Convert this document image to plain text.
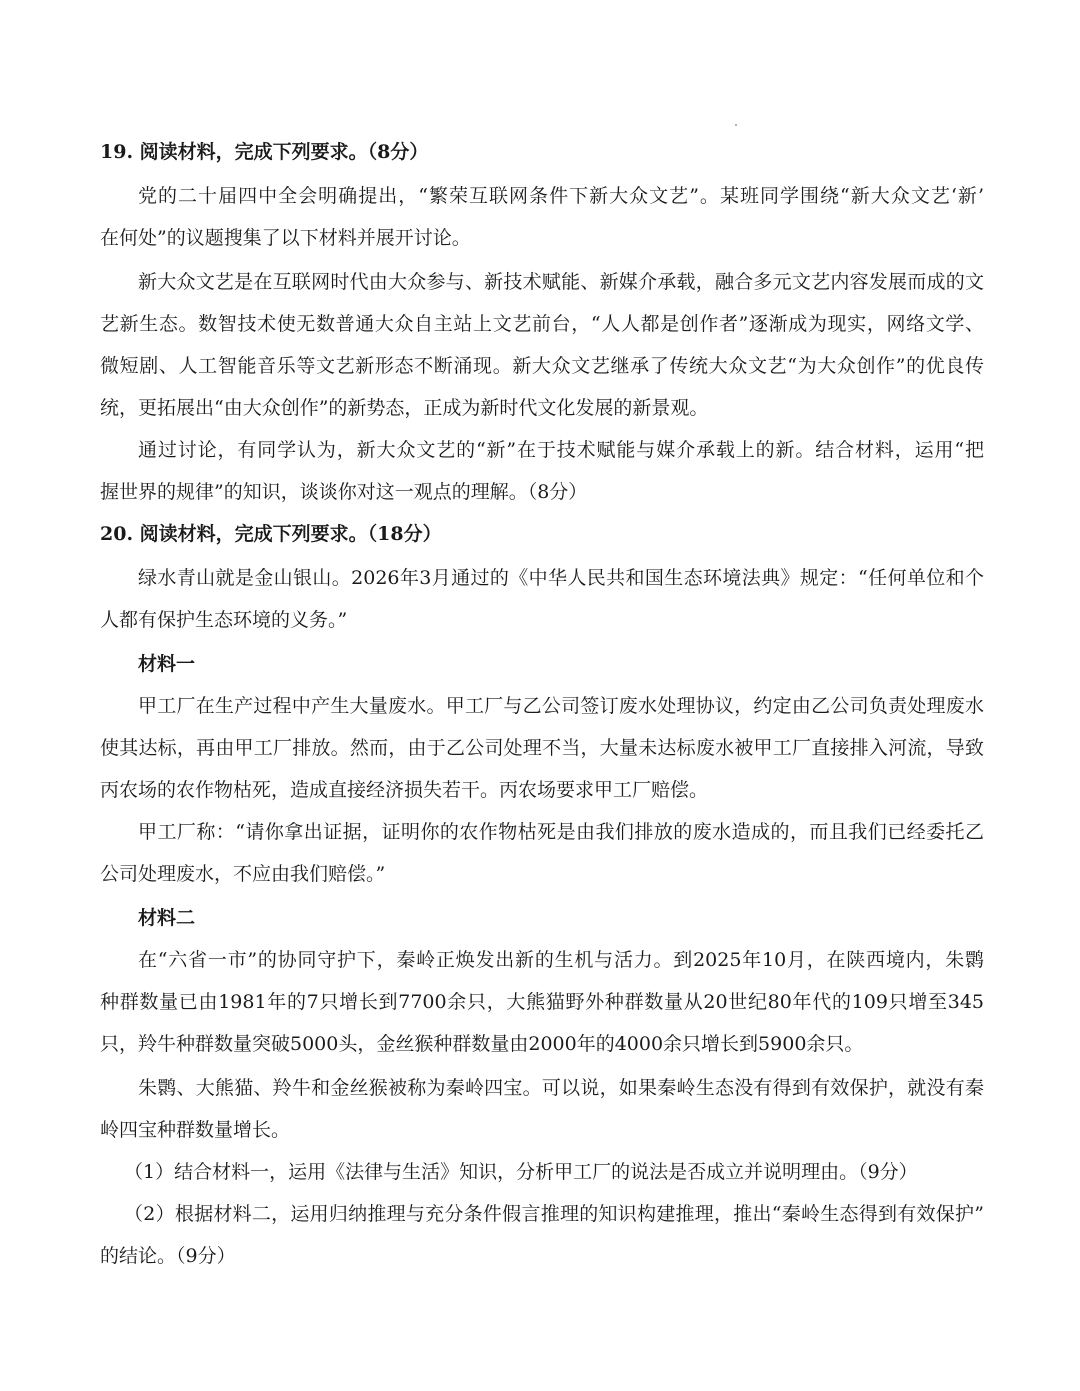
19. 阅读材料，完成下列要求。（8分）
党的二十届四中全会明确提出，“繁荣互联网条件下新大众文艺”。某班同学围绕“新大众文艺‘新’
在何处”的议题搜集了以下材料并展开讨论。
新大众文艺是在互联网时代由大众参与、新技术赋能、新媒介承载，融合多元文艺内容发展而成的文
艺新生态。数智技术使无数普通大众自主站上文艺前台，“人人都是创作者”逐渐成为现实，网络文学、
微短剧、人工智能音乐等文艺新形态不断涌现。新大众文艺继承了传统大众文艺“为大众创作”的优良传
统，更拓展出“由大众创作”的新势态，正成为新时代文化发展的新景观。
通过讨论，有同学认为，新大众文艺的“新”在于技术赋能与媒介承载上的新。结合材料，运用“把
握世界的规律”的知识，谈谈你对这一观点的理解。（8分）
20. 阅读材料，完成下列要求。（18分）
绿水青山就是金山银山。2026年3月通过的《中华人民共和国生态环境法典》规定：“任何单位和个
人都有保护生态环境的义务。”
材料一
甲工厂在生产过程中产生大量废水。甲工厂与乙公司签订废水处理协议，约定由乙公司负责处理废水
使其达标，再由甲工厂排放。然而，由于乙公司处理不当，大量未达标废水被甲工厂直接排入河流，导致
丙农场的农作物枯死，造成直接经济损失若干。丙农场要求甲工厂赔偿。
甲工厂称：“请你拿出证据，证明你的农作物枯死是由我们排放的废水造成的，而且我们已经委托乙
公司处理废水，不应由我们赔偿。”
材料二
在“六省一市”的协同守护下，秦岭正焕发出新的生机与活力。到2025年10月，在陕西境内，朱鹮
种群数量已由1981年的7只增长到7700余只，大熊猫野外种群数量从20世纪80年代的109只增至345
只，羚牛种群数量突破5000头，金丝猴种群数量由2000年的4000余只增长到5900余只。
朱鹮、大熊猫、羚牛和金丝猴被称为秦岭四宝。可以说，如果秦岭生态没有得到有效保护，就没有秦
岭四宝种群数量增长。
（1）结合材料一，运用《法律与生活》知识，分析甲工厂的说法是否成立并说明理由。（9分）
（2）根据材料二，运用归纳推理与充分条件假言推理的知识构建推理，推出“秦岭生态得到有效保护”
的结论。（9分）
